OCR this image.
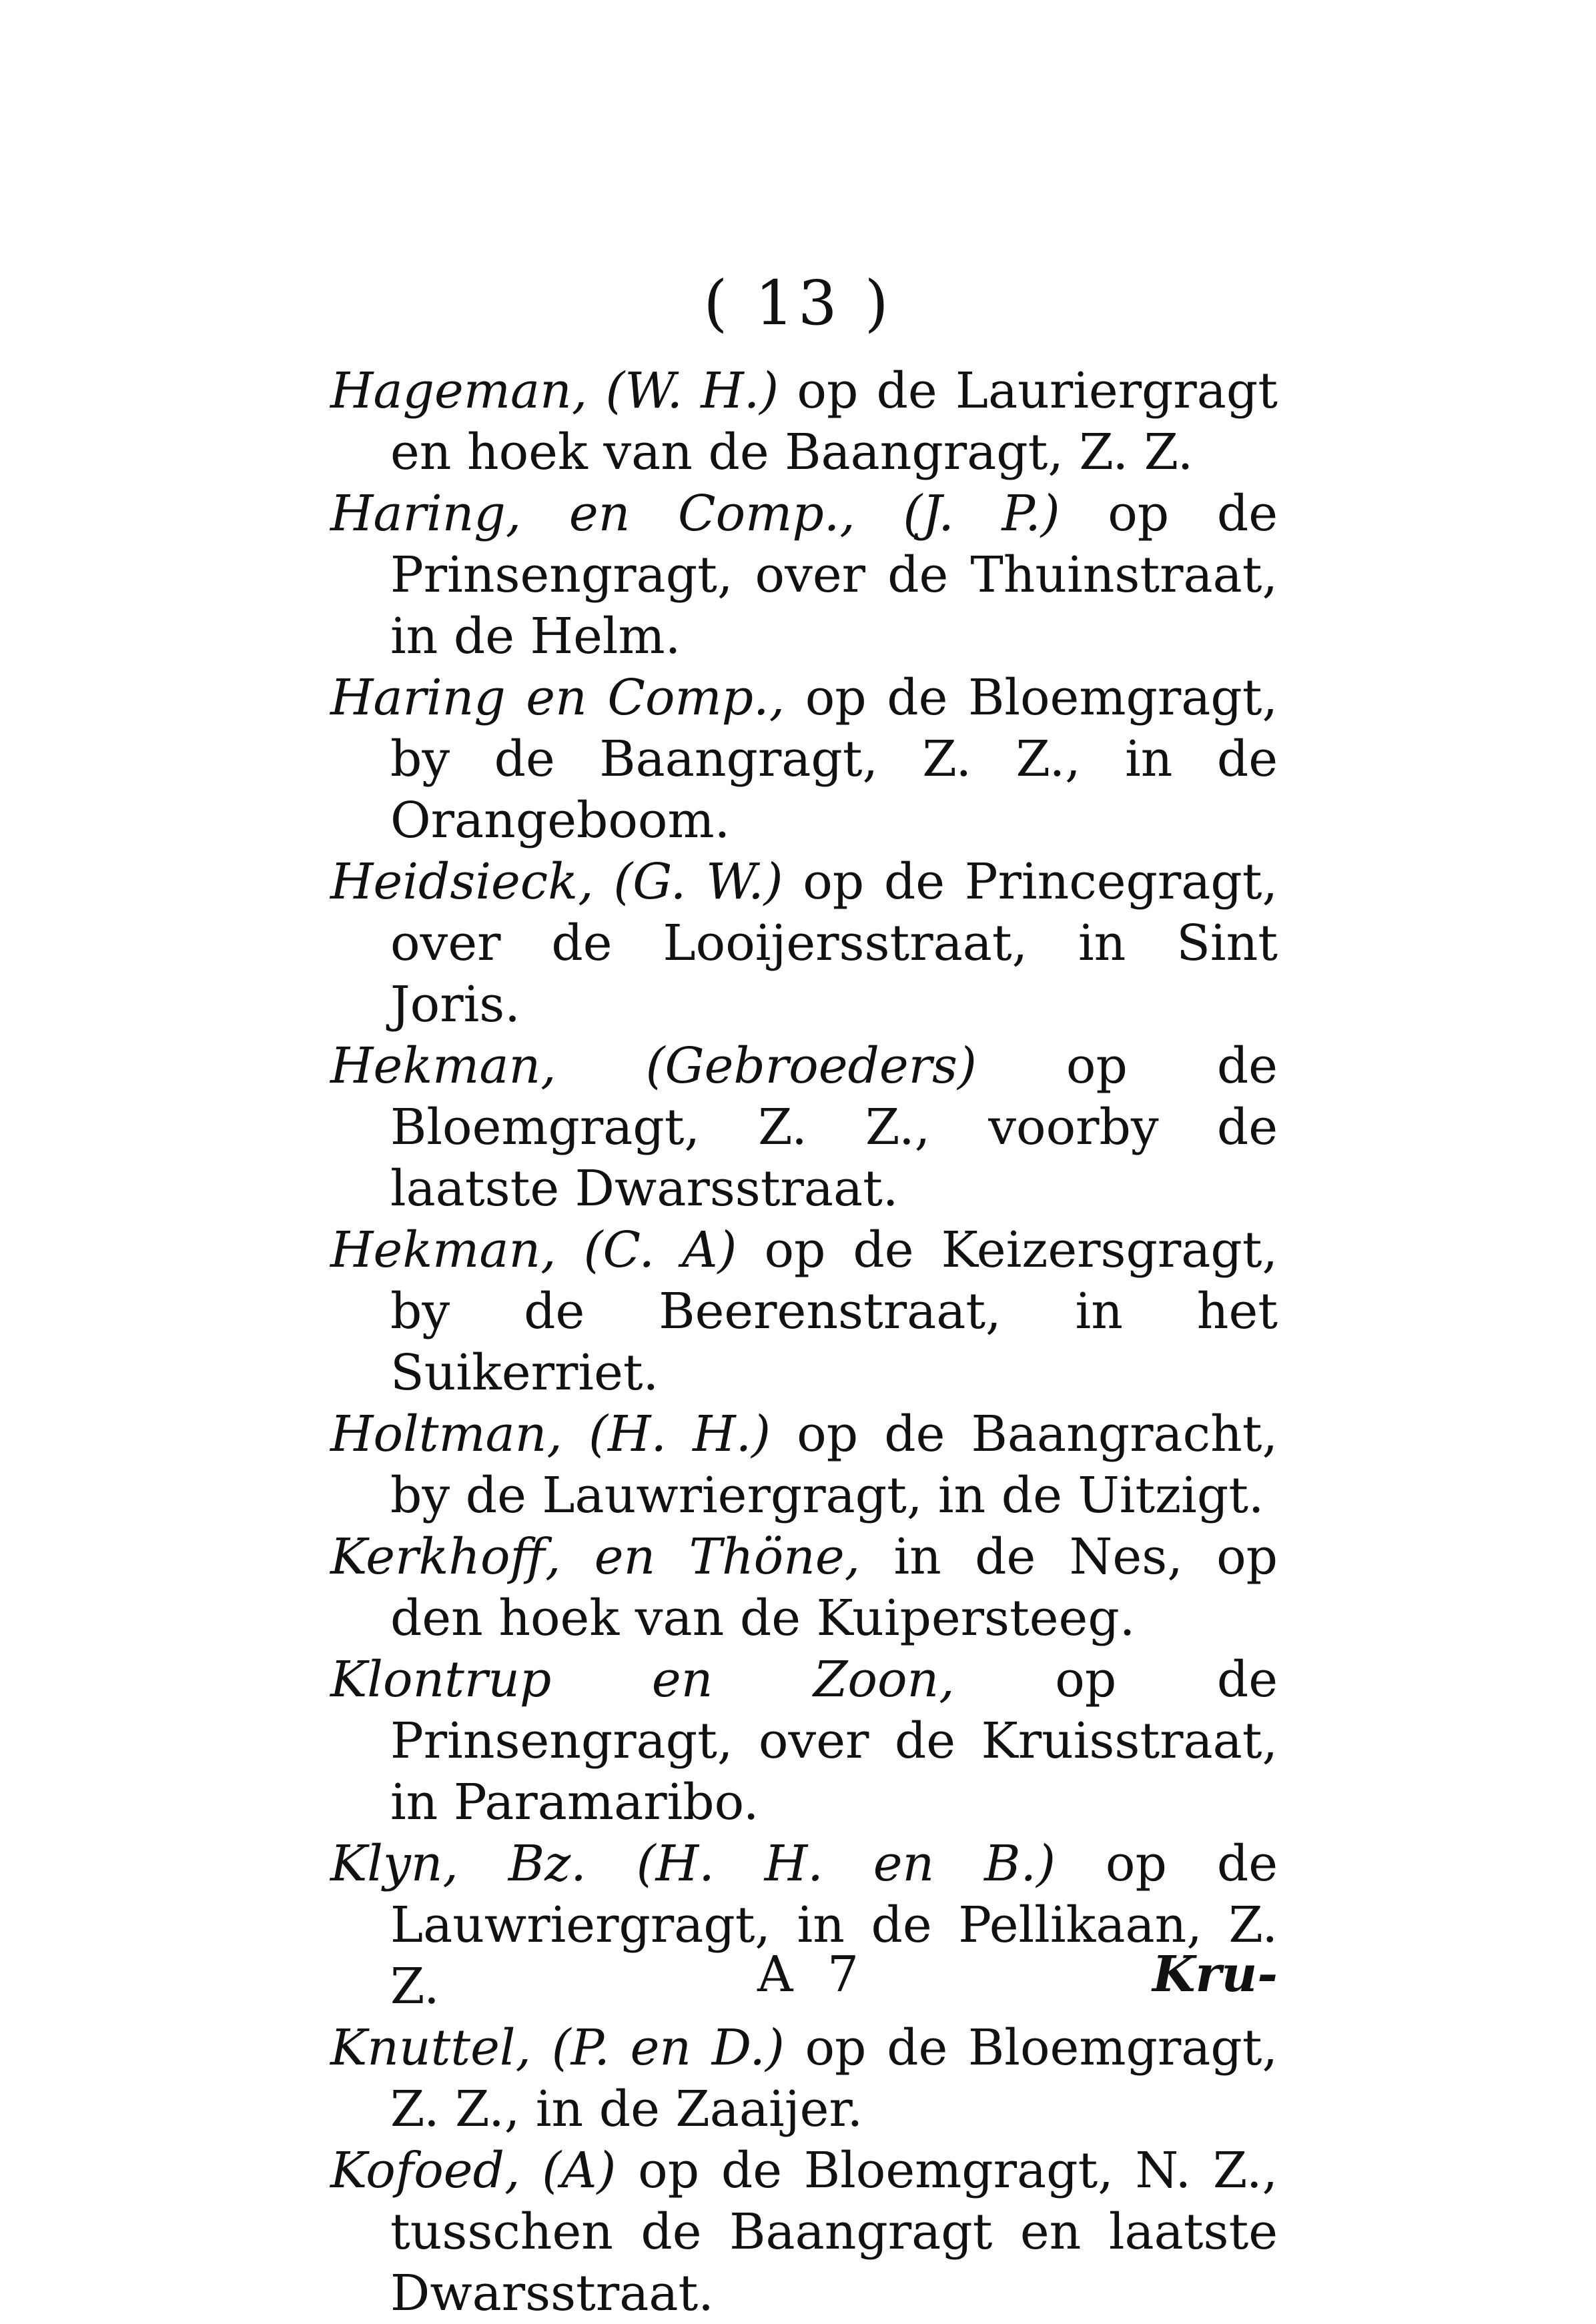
( 13 )

Hageman, (W. H.) op de Lauriergragt en hoek van de Baangragt, Z. Z.

Haring, en Comp., (J. P.) op de Prinsengragt, over de Thuinstraat, in de Helm.

Haring en Comp., op de Bloemgragt, by de Baangragt, Z. Z., in de Orangeboom.

Heidsieck, (G. W.) op de Princegragt, over de Looijersstraat, in Sint Joris.

Hekman, (Gebroeders) op de Bloemgragt, Z. Z., voorby de laatste Dwarsstraat.

Hekman, (C. A) op de Keizersgragt, by de Beerenstraat, in het Suikerriet.

Holtman, (H. H.) op de Baangracht, by de Lauwriergragt, in de Uitzigt.

Kerkhoff, en Thöne, in de Nes, op den hoek van de Kuipersteeg.

Klontrup en Zoon, op de Prinsengragt, over de Kruisstraat, in Paramaribo.

Klyn, Bz. (H. H. en B.) op de Lauwriergragt, in de Pellikaan, Z. Z.

Knuttel, (P. en D.) op de Bloemgragt, Z. Z., in de Zaaijer.

Kofoed, (A) op de Bloemgragt, N. Z., tusschen de Baangragt en laatste Dwarsstraat.

A 7	Kru-
